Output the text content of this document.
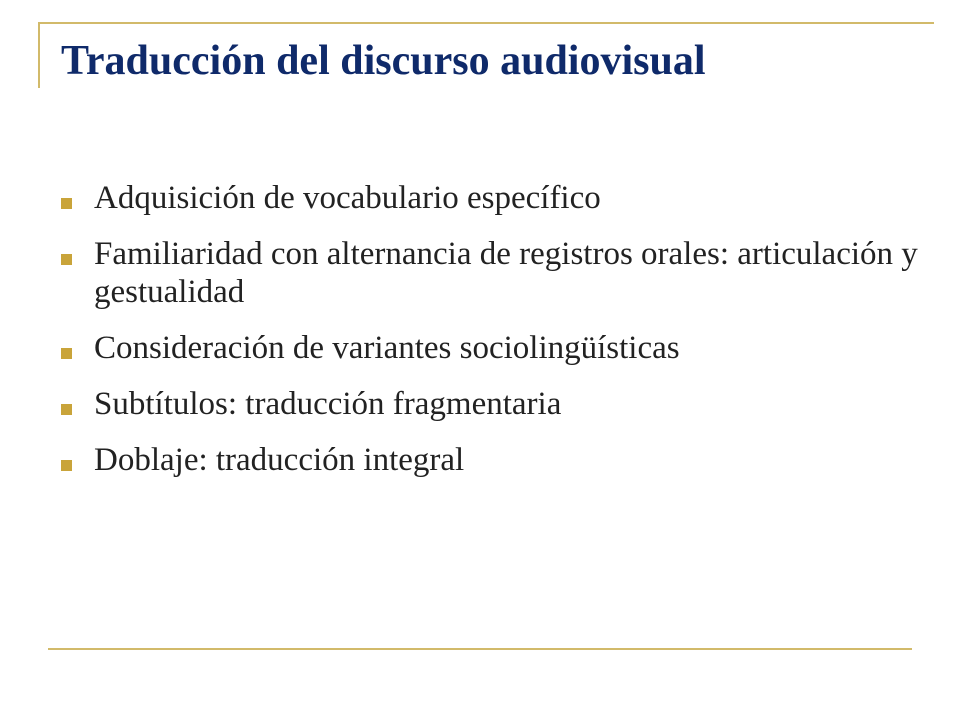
Traducción del discurso audiovisual
Adquisición de vocabulario específico
Familiaridad con alternancia de registros orales: articulación y gestualidad
Consideración de variantes sociolingüísticas
Subtítulos: traducción fragmentaria
Doblaje: traducción integral
